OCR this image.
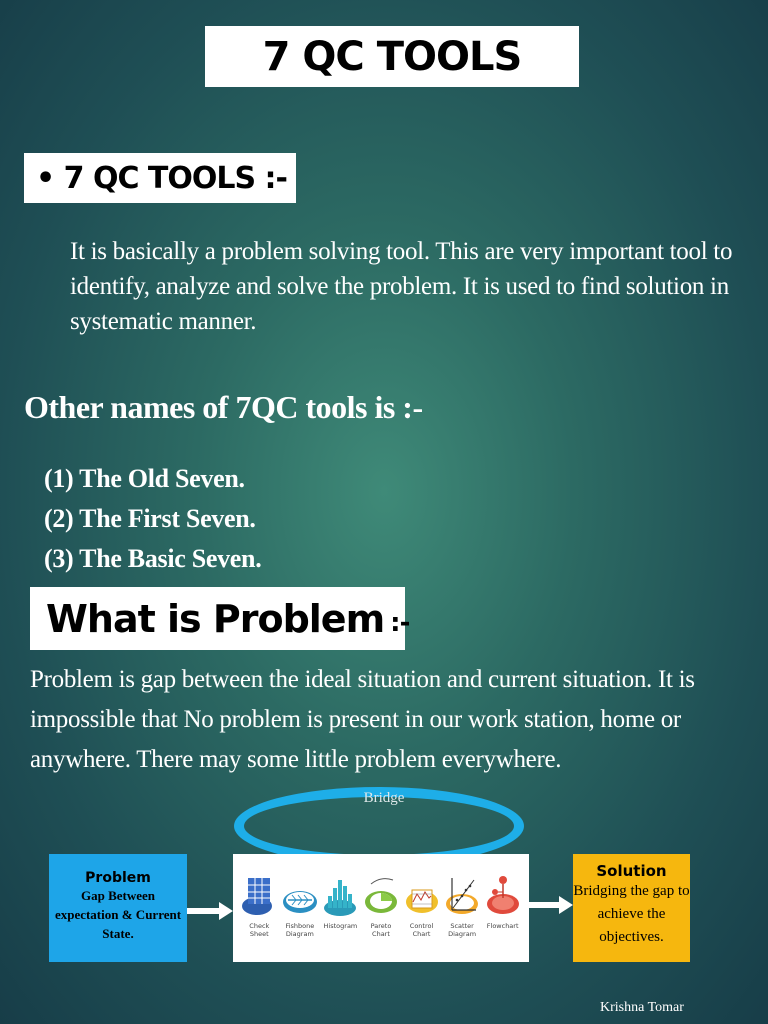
7 QC TOOLS
• 7 QC TOOLS :-
It is basically a problem solving tool. This are very important tool to identify, analyze and solve the problem. It is used to find solution in systematic manner.
Other names of 7QC tools is :-
(1) The Old Seven.
(2) The First Seven.
(3) The Basic Seven.
What is Problem :-
Problem is gap between the ideal situation and current situation. It is impossible that No problem is present in our work station, home or anywhere. There may some little problem everywhere.
Bridge
Problem
Gap Between expectation & Current State.	Check Sheet
Fishbone Diagram
Histogram	Pareto Chart
Control Chart
Scatter Diagram
Flowchart
Solution
Bridging the gap to achieve the objectives.
Krishna Tomar
